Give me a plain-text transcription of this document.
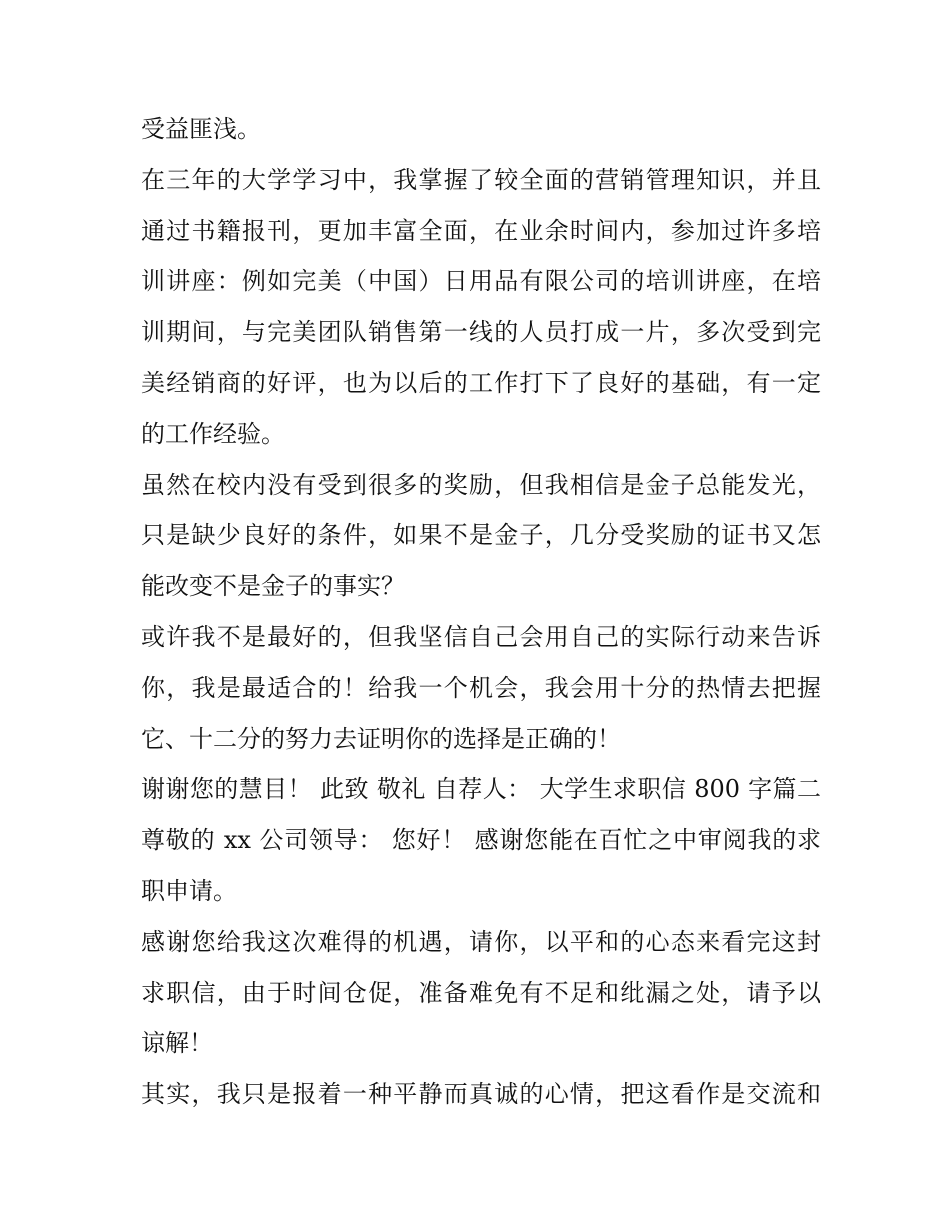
受益匪浅。
在三年的大学学习中，我掌握了较全面的营销管理知识，并且
通过书籍报刊，更加丰富全面，在业余时间内，参加过许多培
训讲座：例如完美（中国）日用品有限公司的培训讲座，在培
训期间，与完美团队销售第一线的人员打成一片，多次受到完
美经销商的好评，也为以后的工作打下了良好的基础，有一定
的工作经验。
虽然在校内没有受到很多的奖励，但我相信是金子总能发光，
只是缺少良好的条件，如果不是金子，几分受奖励的证书又怎
能改变不是金子的事实？
或许我不是最好的，但我坚信自己会用自己的实际行动来告诉
你，我是最适合的！给我一个机会，我会用十分的热情去把握
它、十二分的努力去证明你的选择是正确的！
谢谢您的慧目！ 此致 敬礼 自荐人： 大学生求职信 800 字篇二
尊敬的 xx 公司领导： 您好！ 感谢您能在百忙之中审阅我的求
职申请。
感谢您给我这次难得的机遇，请你，以平和的心态来看完这封
求职信，由于时间仓促，准备难免有不足和纰漏之处，请予以
谅解！
其实，我只是报着一种平静而真诚的心情，把这看作是交流和
